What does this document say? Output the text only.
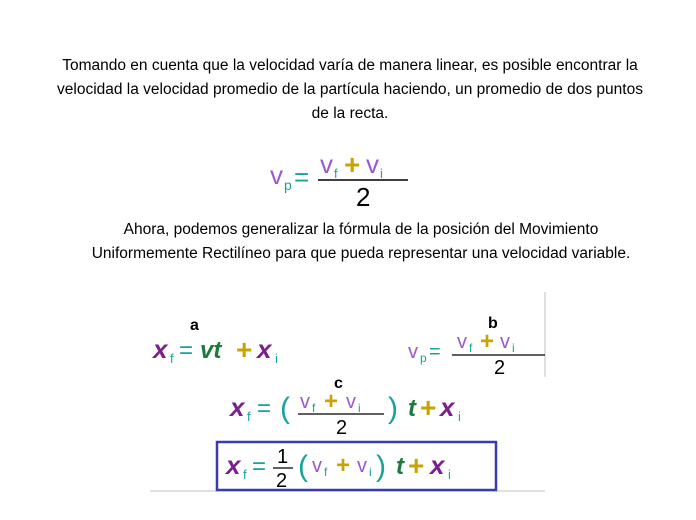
Tomando en cuenta que la velocidad varía de manera linear, es posible encontrar la velocidad la velocidad promedio de la partícula haciendo, un promedio de dos puntos de la recta.
v p = v f + v i
2
Ahora, podemos generalizar la fórmula de la posición del Movimiento Uniformemente Rectilíneo para que pueda representar una velocidad variable.
a
x f = vt + x i
b
v p = v f + v i
2
c
x f = ( v f + v i
2
) t + x i
x f = 1
2 ( v f + v i ) t + x i
